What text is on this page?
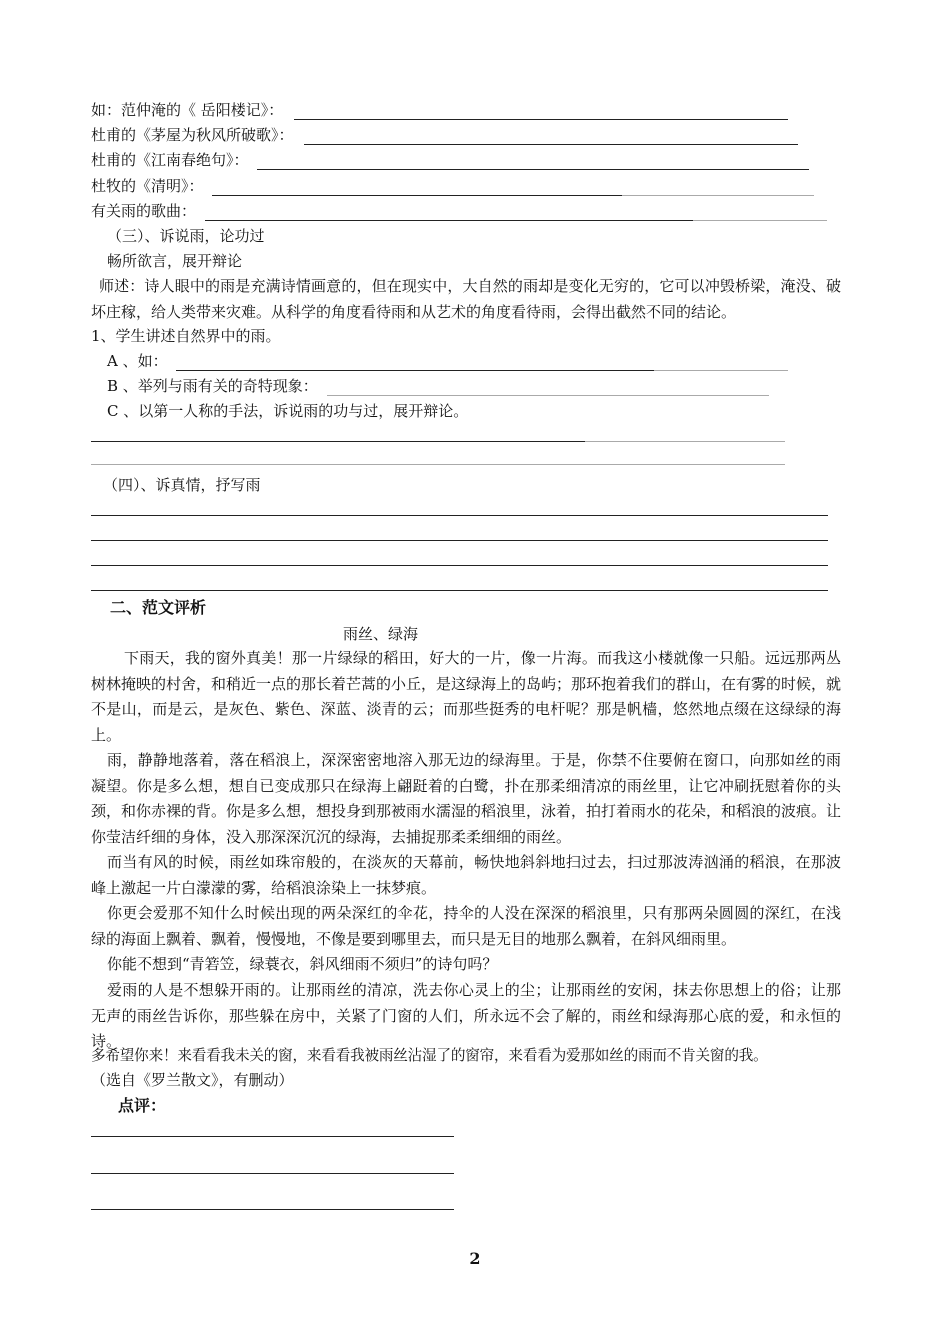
如：范仲淹的《 岳阳楼记》：
杜甫的《茅屋为秋风所破歌》：
杜甫的《江南春绝句》：
杜牧的《清明》：
有关雨的歌曲：
（三）、诉说雨，论功过
畅所欲言，展开辩论
师述：诗人眼中的雨是充满诗情画意的，但在现实中，大自然的雨却是变化无穷的，它可以冲毁桥梁，淹没、破坏庄稼，给人类带来灾难。从科学的角度看待雨和从艺术的角度看待雨，会得出截然不同的结论。
1、学生讲述自然界中的雨。
A 、如：
B 、举列与雨有关的奇特现象：
C 、以第一人称的手法，诉说雨的功与过，展开辩论。
（四）、诉真情，抒写雨
二、范文评析
雨丝、绿海
下雨天，我的窗外真美！那一片绿绿的稻田，好大的一片，像一片海。而我这小楼就像一只船。远远那两丛树林掩映的村舍，和稍近一点的那长着芒蒿的小丘，是这绿海上的岛屿；那环抱着我们的群山，在有雾的时候，就不是山，而是云，是灰色、紫色、深蓝、淡青的云；而那些挺秀的电杆呢？那是帆樯，悠然地点缀在这绿绿的海上。
雨，静静地落着，落在稻浪上，深深密密地溶入那无边的绿海里。于是，你禁不住要俯在窗口，向那如丝的雨凝望。你是多么想，想自已变成那只在绿海上翩跹着的白鹭，扑在那柔细清凉的雨丝里，让它冲刷抚慰着你的头颈，和你赤裸的背。你是多么想，想投身到那被雨水濡湿的稻浪里，泳着，拍打着雨水的花朵，和稻浪的波痕。让你莹洁纤细的身体，没入那深深沉沉的绿海，去捕捉那柔柔细细的雨丝。
而当有风的时候，雨丝如珠帘般的，在淡灰的天幕前，畅快地斜斜地扫过去，扫过那波涛汹涌的稻浪，在那波峰上激起一片白濛濛的雾，给稻浪涂染上一抹梦痕。
你更会爱那不知什么时候出现的两朵深红的伞花，持伞的人没在深深的稻浪里，只有那两朵圆圆的深红，在浅绿的海面上飘着、飘着，慢慢地，不像是要到哪里去，而只是无目的地那么飘着，在斜风细雨里。
你能不想到“青箬笠，绿蓑衣，斜风细雨不须归”的诗句吗？
爱雨的人是不想躲开雨的。让那雨丝的清凉，洗去你心灵上的尘；让那雨丝的安闲，抹去你思想上的俗；让那无声的雨丝告诉你，那些躲在房中，关紧了门窗的人们，所永远不会了解的，雨丝和绿海那心底的爱，和永恒的诗。
多希望你来！来看看我未关的窗，来看看我被雨丝沾湿了的窗帘，来看看为爱那如丝的雨而不肯关窗的我。
（选自《罗兰散文》，有删动）
点评：
2
